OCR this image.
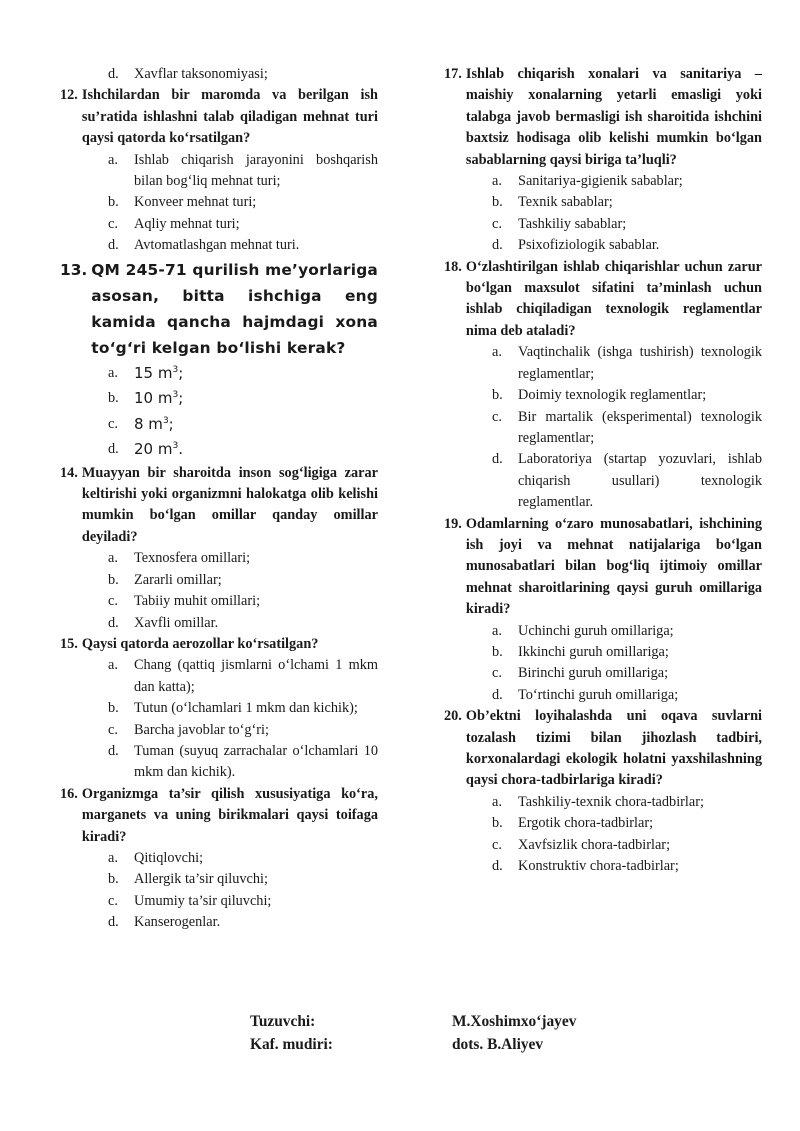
d.	Xavflar taksonomiyasi;
12. Ishchilardan bir maromda va berilgan ish su’ratida ishlashni talab qiladigan mehnat turi qaysi qatorda ko‘rsatilgan?
a.	Ishlab chiqarish jarayonini boshqarish bilan bog‘liq mehnat turi;
b.	Konveer mehnat turi;
c.	Aqliy mehnat turi;
d.	Avtomatlashgan mehnat turi.
13. QM 245-71 qurilish me’yorlariga asosan, bitta ishchiga eng kamida qancha hajmdagi xona to‘g‘ri kelgan bo‘lishi kerak?
a.	15 $m^3$;
b.	10 $m^3$;
c.	8 $m^3$;
d.	20 $m^3$.
14. Muayyan bir sharoitda inson sog‘ligiga zarar keltirishi yoki organizmni halokatga olib kelishi mumkin bo‘lgan omillar qanday omillar deyiladi?
a.	Texnosfera omillari;
b.	Zararli omillar;
c.	Tabiiy muhit omillari;
d.	Xavfli omillar.
15. Qaysi qatorda aerozollar ko‘rsatilgan?
a.	Chang (qattiq jismlarni o‘lchami 1 mkm dan katta);
b.	Tutun (o‘lchamlari 1 mkm dan kichik);
c.	Barcha javoblar to‘g‘ri;
d.	Tuman (suyuq zarrachalar o‘lchamlari 10 mkm dan kichik).
16. Organizmga ta’sir qilish xususiyatiga ko‘ra, marganets va uning birikmalari qaysi toifaga kiradi?
a.	Qitiqlovchi;
b.	Allergik ta’sir qiluvchi;
c.	Umumiy ta’sir qiluvchi;
d.	Kanserogenlar.
17. Ishlab chiqarish xonalari va sanitariya – maishiy xonalarning yetarli emasligi yoki talabga javob bermasligi ish sharoitida ishchini baxtsiz hodisaga olib kelishi mumkin bo‘lgan sabablarning qaysi biriga ta’luqli?
a.	Sanitariya-gigienik sabablar;
b.	Texnik sabablar;
c.	Tashkiliy sabablar;
d.	Psixofiziologik sabablar.
18. O‘zlashtirilgan ishlab chiqarishlar uchun zarur bo‘lgan maxsulot sifatini ta’minlash uchun ishlab chiqiladigan texnologik reglamentlar nima deb ataladi?
a.	Vaqtinchalik (ishga tushirish) texnologik reglamentlar;
b.	Doimiy texnologik reglamentlar;
c.	Bir martalik (eksperimental) texnologik reglamentlar;
d.	Laboratoriya (startap yozuvlari, ishlab chiqarish usullari) texnologik reglamentlar.
19. Odamlarning o‘zaro munosabatlari, ishchining ish joyi va mehnat natijalariga bo‘lgan munosabatlari bilan bog‘liq ijtimoiy omillar mehnat sharoitlarining qaysi guruh omillariga kiradi?
a.	Uchinchi guruh omillariga;
b.	Ikkinchi guruh omillariga;
c.	Birinchi guruh omillariga;
d.	To‘rtinchi guruh omillariga;
20. Ob’ektni loyihalashda uni oqava suvlarni tozalash tizimi bilan jihozlash tadbiri, korxonalardagi ekologik holatni yaxshilashning qaysi chora-tadbirlariga kiradi?
a.	Tashkiliy-texnik chora-tadbirlar;
b.	Ergotik chora-tadbirlar;
c.	Xavfsizlik chora-tadbirlar;
d.	Konstruktiv chora-tadbirlar;
Tuzuvchi:	M.Xoshimxo‘jayev
Kaf. mudiri:	dots. B.Aliyev
